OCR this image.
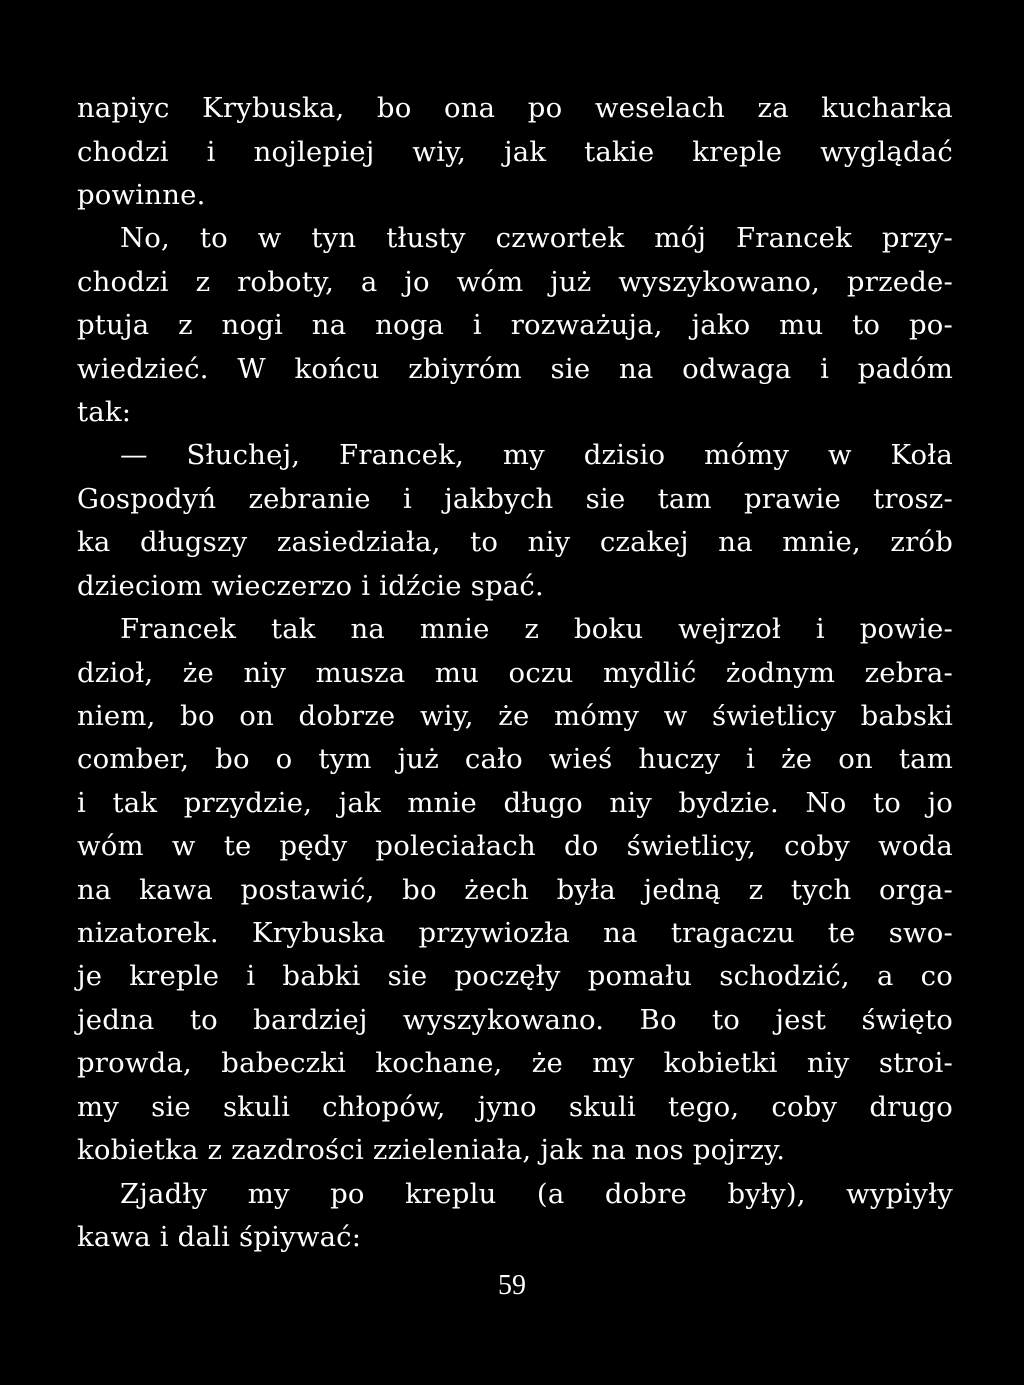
napiyc Krybuska, bo ona po weselach za kucharka
chodzi i nojlepiej wiy, jak takie kreple wyglądać
powinne.
No, to w tyn tłusty czwortek mój Francek przy-
chodzi z roboty, a jo wóm już wyszykowano, przede-
ptuja z nogi na noga i rozważuja, jako mu to po-
wiedzieć. W końcu zbiyróm sie na odwaga i padóm
tak:
— Słuchej, Francek, my dzisio mómy w Koła
Gospodyń zebranie i jakbych sie tam prawie trosz-
ka długszy zasiedziała, to niy czakej na mnie, zrób
dzieciom wieczerzo i idźcie spać.
Francek tak na mnie z boku wejrzoł i powie-
dzioł, że niy musza mu oczu mydlić żodnym zebra-
niem, bo on dobrze wiy, że mómy w świetlicy babski
comber, bo o tym już cało wieś huczy i że on tam
i tak przydzie, jak mnie długo niy bydzie. No to jo
wóm w te pędy poleciałach do świetlicy, coby woda
na kawa postawić, bo żech była jedną z tych orga-
nizatorek. Krybuska przywiozła na tragaczu te swo-
je kreple i babki sie poczęły pomału schodzić, a co
jedna to bardziej wyszykowano. Bo to jest święto
prowda, babeczki kochane, że my kobietki niy stroi-
my sie skuli chłopów, jyno skuli tego, coby drugo
kobietka z zazdrości zzieleniała, jak na nos pojrzy.
Zjadły my po kreplu (a dobre były), wypiyły
kawa i dali śpiywać:
59
